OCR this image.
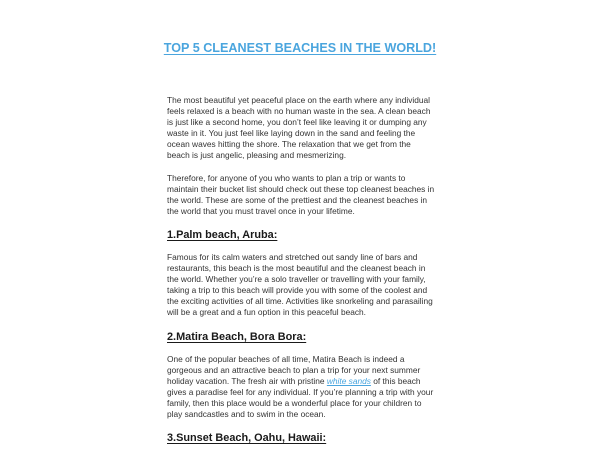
TOP 5 CLEANEST BEACHES IN THE WORLD!

The most beautiful yet peaceful place on the earth where any individual feels relaxed is a beach with no human waste in the sea. A clean beach is just like a second home, you don’t feel like leaving it or dumping any waste in it. You just feel like laying down in the sand and feeling the ocean waves hitting the shore. The relaxation that we get from the beach is just angelic, pleasing and mesmerizing.

Therefore, for anyone of you who wants to plan a trip or wants to maintain their bucket list should check out these top cleanest beaches in the world. These are some of the prettiest and the cleanest beaches in the world that you must travel once in your lifetime.

1.Palm beach, Aruba:

Famous for its calm waters and stretched out sandy line of bars and restaurants, this beach is the most beautiful and the cleanest beach in the world. Whether you’re a solo traveller or travelling with your family, taking a trip to this beach will provide you with some of the coolest and the exciting activities of all time. Activities like snorkeling and parasailing will be a great and a fun option in this peaceful beach.

2.Matira Beach, Bora Bora:

One of the popular beaches of all time, Matira Beach is indeed a gorgeous and an attractive beach to plan a trip for your next summer holiday vacation. The fresh air with pristine white sands of this beach gives a paradise feel for any individual. If you’re planning a trip with your family, then this place would be a wonderful place for your children to play sandcastles and to swim in the ocean.

3.Sunset Beach, Oahu, Hawaii:
